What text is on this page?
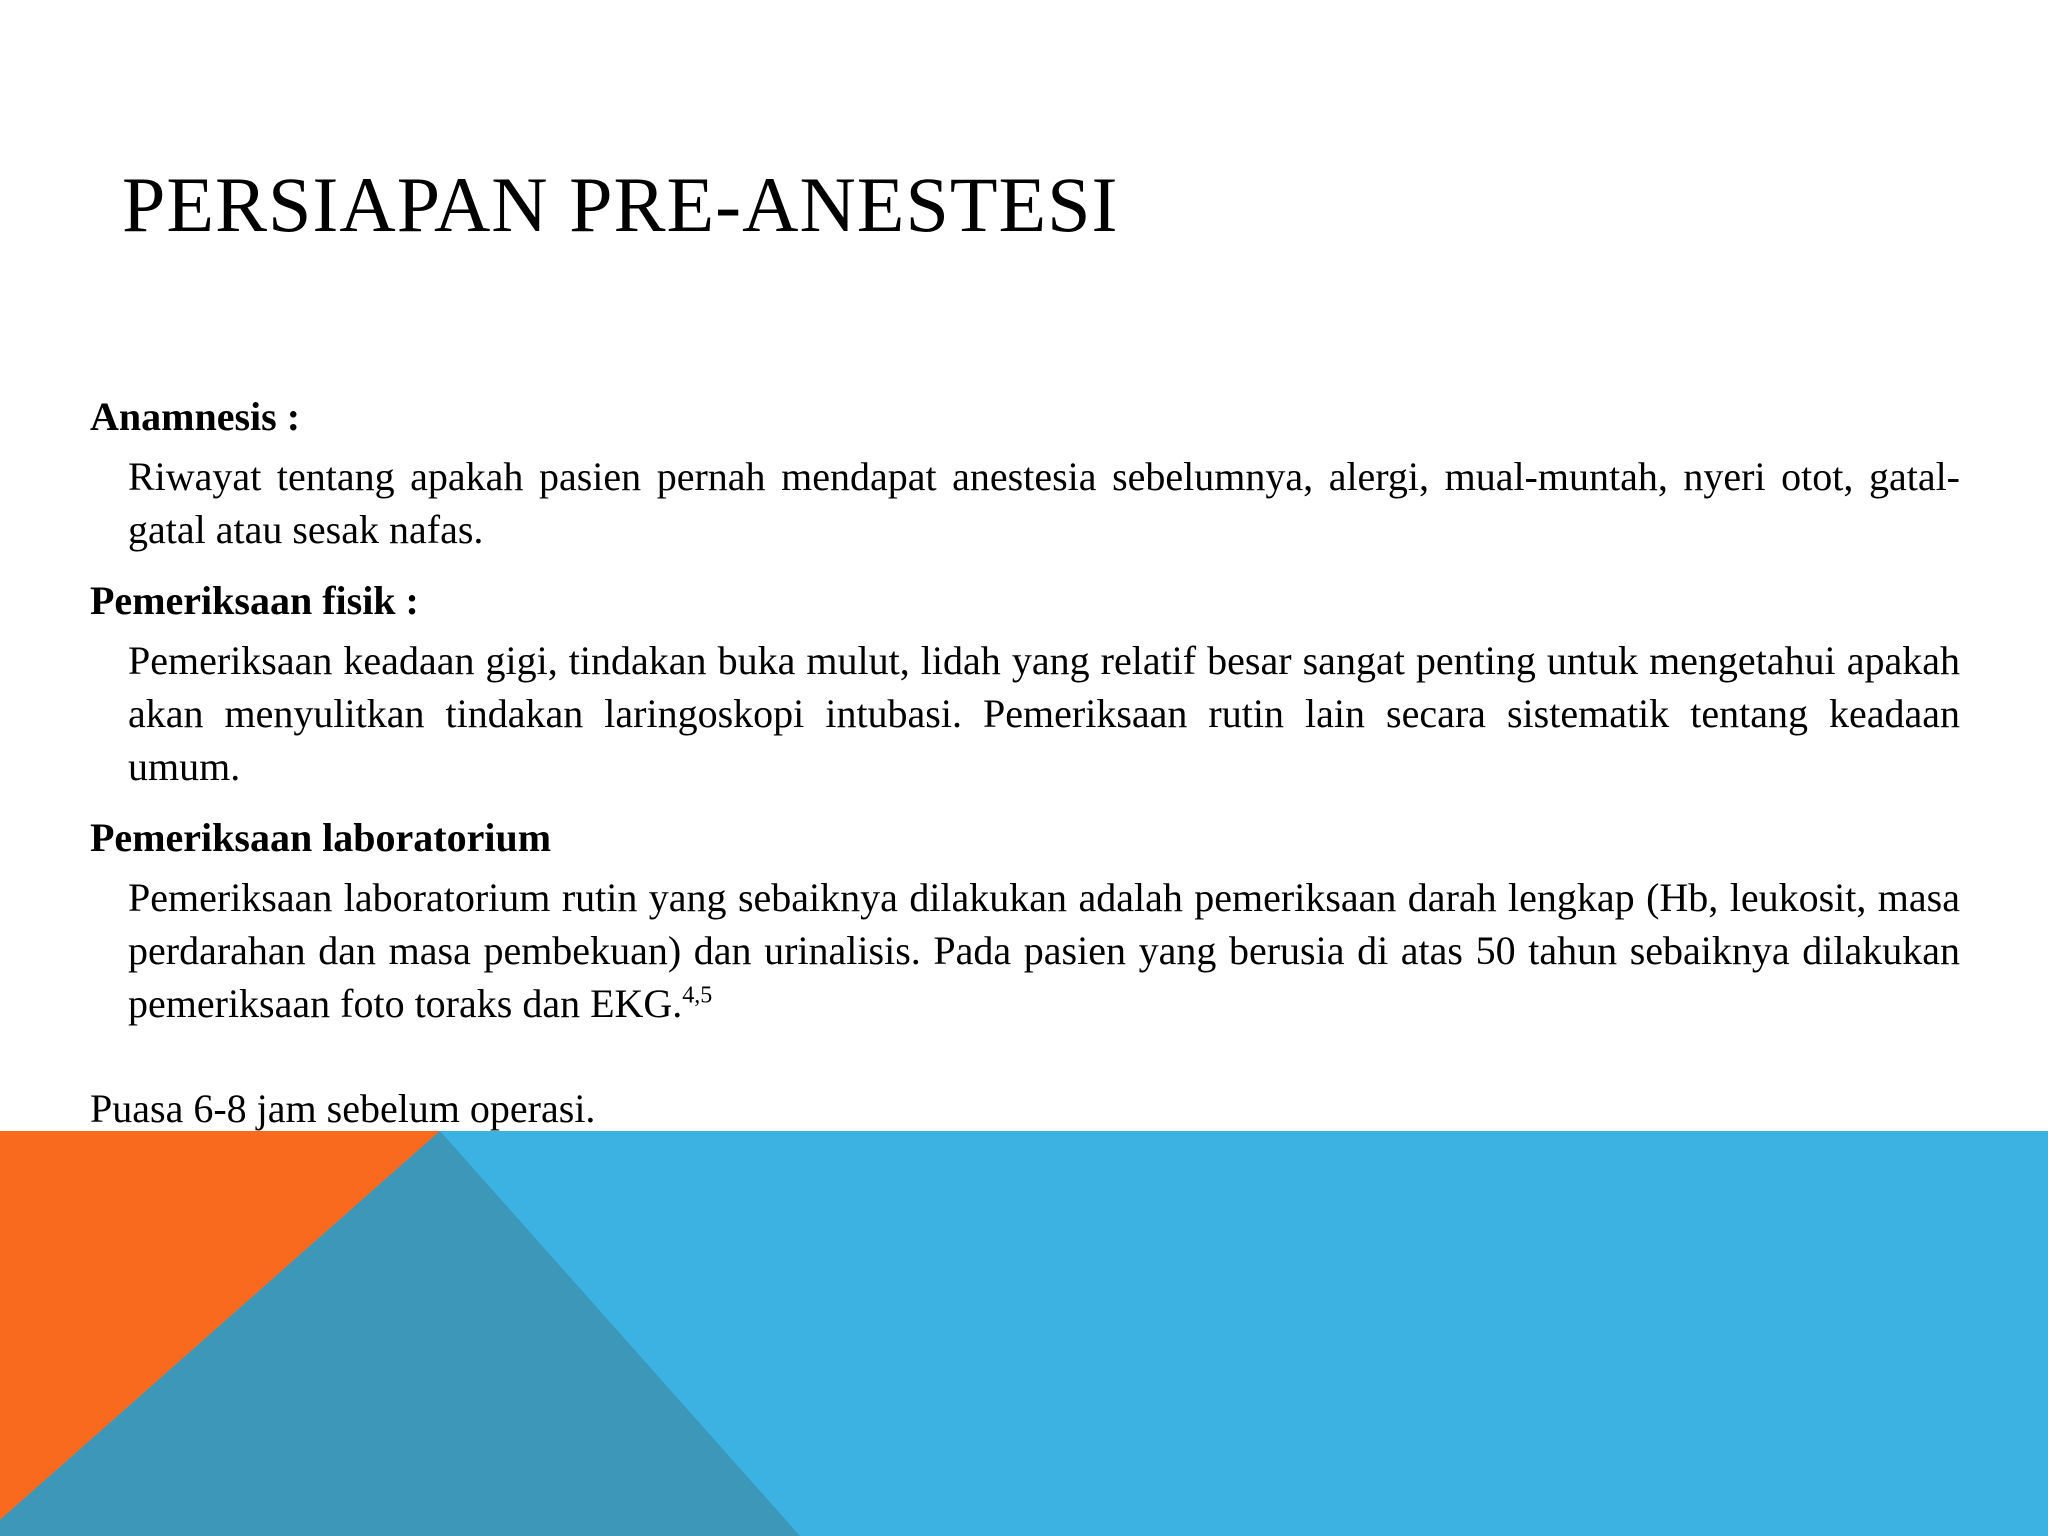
PERSIAPAN PRE-ANESTESI

Anamnesis :

Riwayat tentang apakah pasien pernah mendapat anestesia sebelumnya, alergi, mual-muntah, nyeri otot, gatal-gatal atau sesak nafas.

Pemeriksaan fisik :

Pemeriksaan keadaan gigi, tindakan buka mulut, lidah yang relatif besar sangat penting untuk mengetahui apakah akan menyulitkan tindakan laringoskopi intubasi. Pemeriksaan rutin lain secara sistematik tentang keadaan umum.

Pemeriksaan laboratorium

Pemeriksaan laboratorium rutin yang sebaiknya dilakukan adalah pemeriksaan darah lengkap (Hb, leukosit, masa perdarahan dan masa pembekuan) dan urinalisis. Pada pasien yang berusia di atas 50 tahun sebaiknya dilakukan pemeriksaan foto toraks dan EKG.$^{4,5}$

Puasa 6-8 jam sebelum operasi.
